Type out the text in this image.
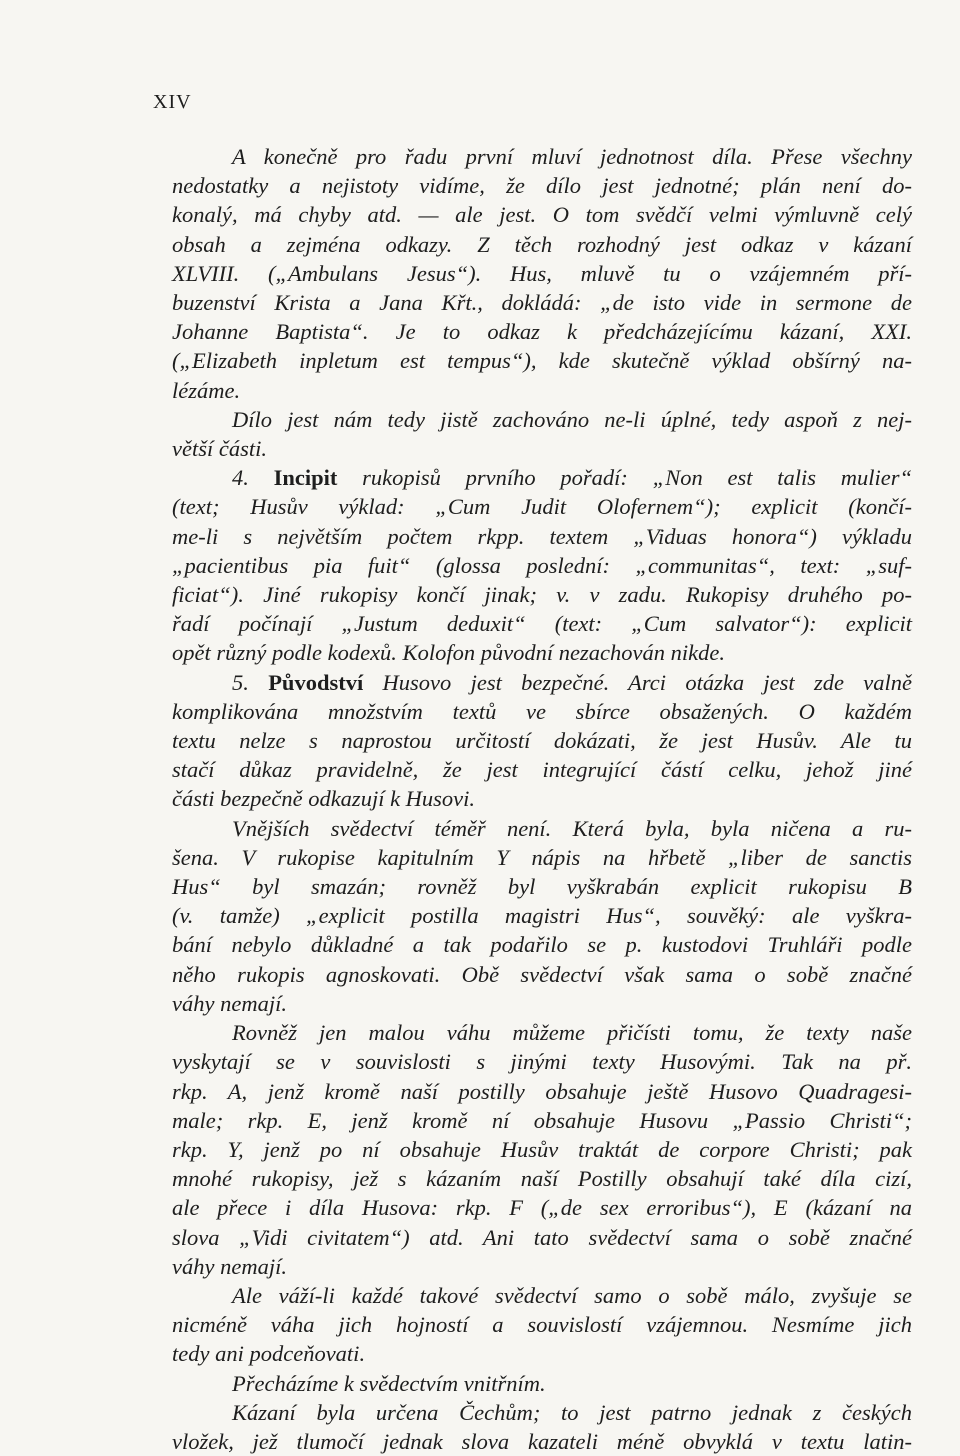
XIV
A konečně pro řadu první mluví jednotnost díla. Přese všechny
nedostatky a nejistoty vidíme, že dílo jest jednotné; plán není do-
konalý, má chyby atd. — ale jest. O tom svědčí velmi výmluvně celý
obsah a zejména odkazy. Z těch rozhodný jest odkaz v kázaní
XLVIII. („Ambulans Jesus“). Hus, mluvě tu o vzájemném pří-
buzenství Krista a Jana Křt., dokládá: „de isto vide in sermone de
Johanne Baptista“. Je to odkaz k předcházejícímu kázaní, XXI.
(„Elizabeth inpletum est tempus“), kde skutečně výklad obšírný na-
lézáme.
Dílo jest nám tedy jistě zachováno ne-li úplné, tedy aspoň z nej-
větší části.
4. Incipit rukopisů prvního pořadí: „Non est talis mulier“
(text; Husův výklad: „Cum Judit Olofernem“); explicit (končí-
me-li s největším počtem rkpp. textem „Viduas honora“) výkladu
„pacientibus pia fuit“ (glossa poslední: „communitas“, text: „suf-
ficiat“). Jiné rukopisy končí jinak; v. v zadu. Rukopisy druhého po-
řadí počínají „Justum deduxit“ (text: „Cum salvator“): explicit
opět různý podle kodexů. Kolofon původní nezachován nikde.
5. Původství Husovo jest bezpečné. Arci otázka jest zde valně
komplikována množstvím textů ve sbírce obsažených. O každém
textu nelze s naprostou určitostí dokázati, že jest Husův. Ale tu
stačí důkaz pravidelně, že jest integrující částí celku, jehož jiné
části bezpečně odkazují k Husovi.
Vnějších svědectví téměř není. Která byla, byla ničena a ru-
šena. V rukopise kapitulním Y nápis na hřbetě „liber de sanctis
Hus“ byl smazán; rovněž byl vyškrabán explicit rukopisu B
(v. tamže) „explicit postilla magistri Hus“, souvěký: ale vyškra-
bání nebylo důkladné a tak podařilo se p. kustodovi Truhláři podle
něho rukopis agnoskovati. Obě svědectví však sama o sobě značné
váhy nemají.
Rovněž jen malou váhu můžeme přičísti tomu, že texty naše
vyskytají se v souvislosti s jinými texty Husovými. Tak na př.
rkp. A, jenž kromě naší postilly obsahuje ještě Husovo Quadragesi-
male; rkp. E, jenž kromě ní obsahuje Husovu „Passio Christi“;
rkp. Y, jenž po ní obsahuje Husův traktát de corpore Christi; pak
mnohé rukopisy, jež s kázaním naší Postilly obsahují také díla cizí,
ale přece i díla Husova: rkp. F („de sex erroribus“), E (kázaní na
slova „Vidi civitatem“) atd. Ani tato svědectví sama o sobě značné
váhy nemají.
Ale váží-li každé takové svědectví samo o sobě málo, zvyšuje se
nicméně váha jich hojností a souvislostí vzájemnou. Nesmíme jich
tedy ani podceňovati.
Přecházíme k svědectvím vnitřním.
Kázaní byla určena Čechům; to jest patrno jednak z českých
vložek, jež tlumočí jednak slova kazateli méně obvyklá v textu latin-
